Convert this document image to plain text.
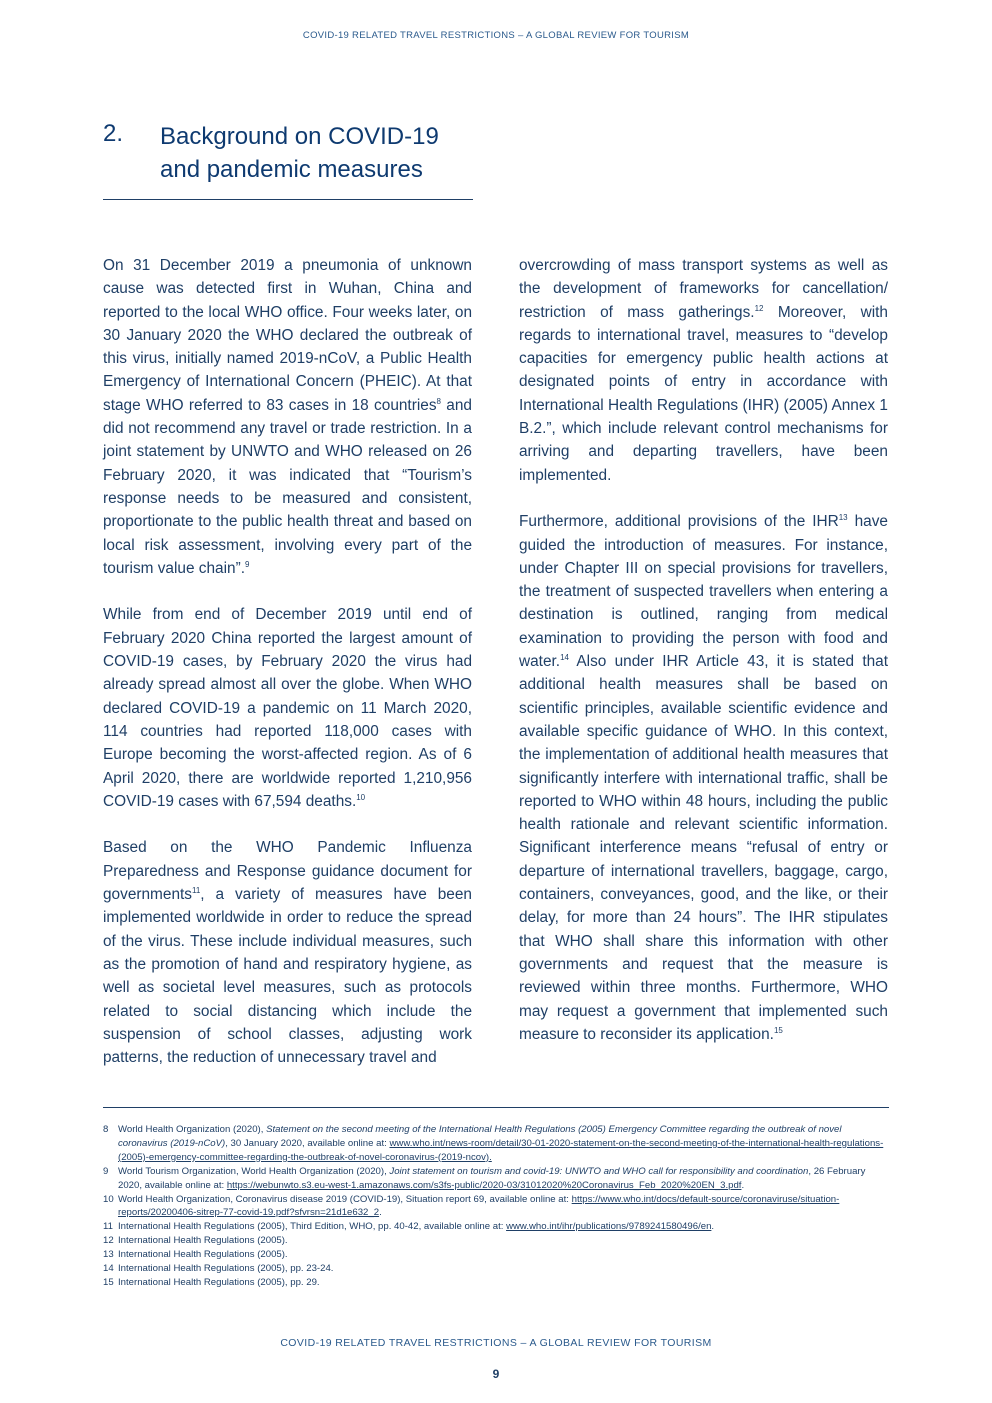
COVID-19 RELATED TRAVEL RESTRICTIONS – A GLOBAL REVIEW FOR TOURISM
2. Background on COVID-19 and pandemic measures

On 31 December 2019 a pneumonia of unknown cause was detected first in Wuhan, China and reported to the local WHO office. Four weeks later, on 30 January 2020 the WHO declared the outbreak of this virus, initially named 2019-nCoV, a Public Health Emergency of International Concern (PHEIC). At that stage WHO referred to 83 cases in 18 countries$^8$ and did not recommend any travel or trade restriction. In a joint statement by UNWTO and WHO released on 26 February 2020, it was indicated that “Tourism’s response needs to be measured and consistent, proportionate to the public health threat and based on local risk assessment, involving every part of the tourism value chain”.$^9$

While from end of December 2019 until end of February 2020 China reported the largest amount of COVID-19 cases, by February 2020 the virus had already spread almost all over the globe. When WHO declared COVID-19 a pandemic on 11 March 2020, 114 countries had reported 118,000 cases with Europe becoming the worst-affected region. As of 6 April 2020, there are worldwide reported 1,210,956 COVID-19 cases with 67,594 deaths.$^{10}$

Based on the WHO Pandemic Influenza Preparedness and Response guidance document for governments$^{11}$, a variety of measures have been implemented worldwide in order to reduce the spread of the virus. These include individual measures, such as the promotion of hand and respiratory hygiene, as well as societal level measures, such as protocols related to social distancing which include the suspension of school classes, adjusting work patterns, the reduction of unnecessary travel and

overcrowding of mass transport systems as well as the development of frameworks for cancellation/ restriction of mass gatherings.$^{12}$ Moreover, with regards to international travel, measures to “develop capacities for emergency public health actions at designated points of entry in accordance with International Health Regulations (IHR) (2005) Annex 1 B.2.”, which include relevant control mechanisms for arriving and departing travellers, have been implemented.

Furthermore, additional provisions of the IHR$^{13}$ have guided the introduction of measures. For instance, under Chapter III on special provisions for travellers, the treatment of suspected travellers when entering a destination is outlined, ranging from medical examination to providing the person with food and water.$^{14}$ Also under IHR Article 43, it is stated that additional health measures shall be based on scientific principles, available scientific evidence and available specific guidance of WHO. In this context, the implementation of additional health measures that significantly interfere with international traffic, shall be reported to WHO within 48 hours, including the public health rationale and relevant scientific information. Significant interference means “refusal of entry or departure of international travellers, baggage, cargo, containers, conveyances, good, and the like, or their delay, for more than 24 hours”. The IHR stipulates that WHO shall share this information with other governments and request that the measure is reviewed within three months. Furthermore, WHO may request a government that implemented such measure to reconsider its application.$^{15}$

8	World Health Organization (2020), Statement on the second meeting of the International Health Regulations (2005) Emergency Committee regarding the outbreak of novel coronavirus (2019-nCoV), 30 January 2020, available online at: www.who.int/news-room/detail/30-01-2020-statement-on-the-second-meeting-of-the-international-health-regulations-(2005)-emergency-committee-regarding-the-outbreak-of-novel-coronavirus-(2019-ncov).
9	World Tourism Organization, World Health Organization (2020), Joint statement on tourism and covid-19: UNWTO and WHO call for responsibility and coordination, 26 February 2020, available online at: https://webunwto.s3.eu-west-1.amazonaws.com/s3fs-public/2020-03/31012020%20Coronavirus_Feb_2020%20EN_3.pdf.
10 World Health Organization, Coronavirus disease 2019 (COVID-19), Situation report 69, available online at: https://www.who.int/docs/default-source/coronaviruse/situation-reports/20200406-sitrep-77-covid-19.pdf?sfvrsn=21d1e632_2.
11 International Health Regulations (2005), Third Edition, WHO, pp. 40-42, available online at: www.who.int/ihr/publications/9789241580496/en.
12 International Health Regulations (2005).
13 International Health Regulations (2005).
14 International Health Regulations (2005), pp. 23-24.
15 International Health Regulations (2005), pp. 29.
COVID-19 RELATED TRAVEL RESTRICTIONS – A GLOBAL REVIEW FOR TOURISM
9
